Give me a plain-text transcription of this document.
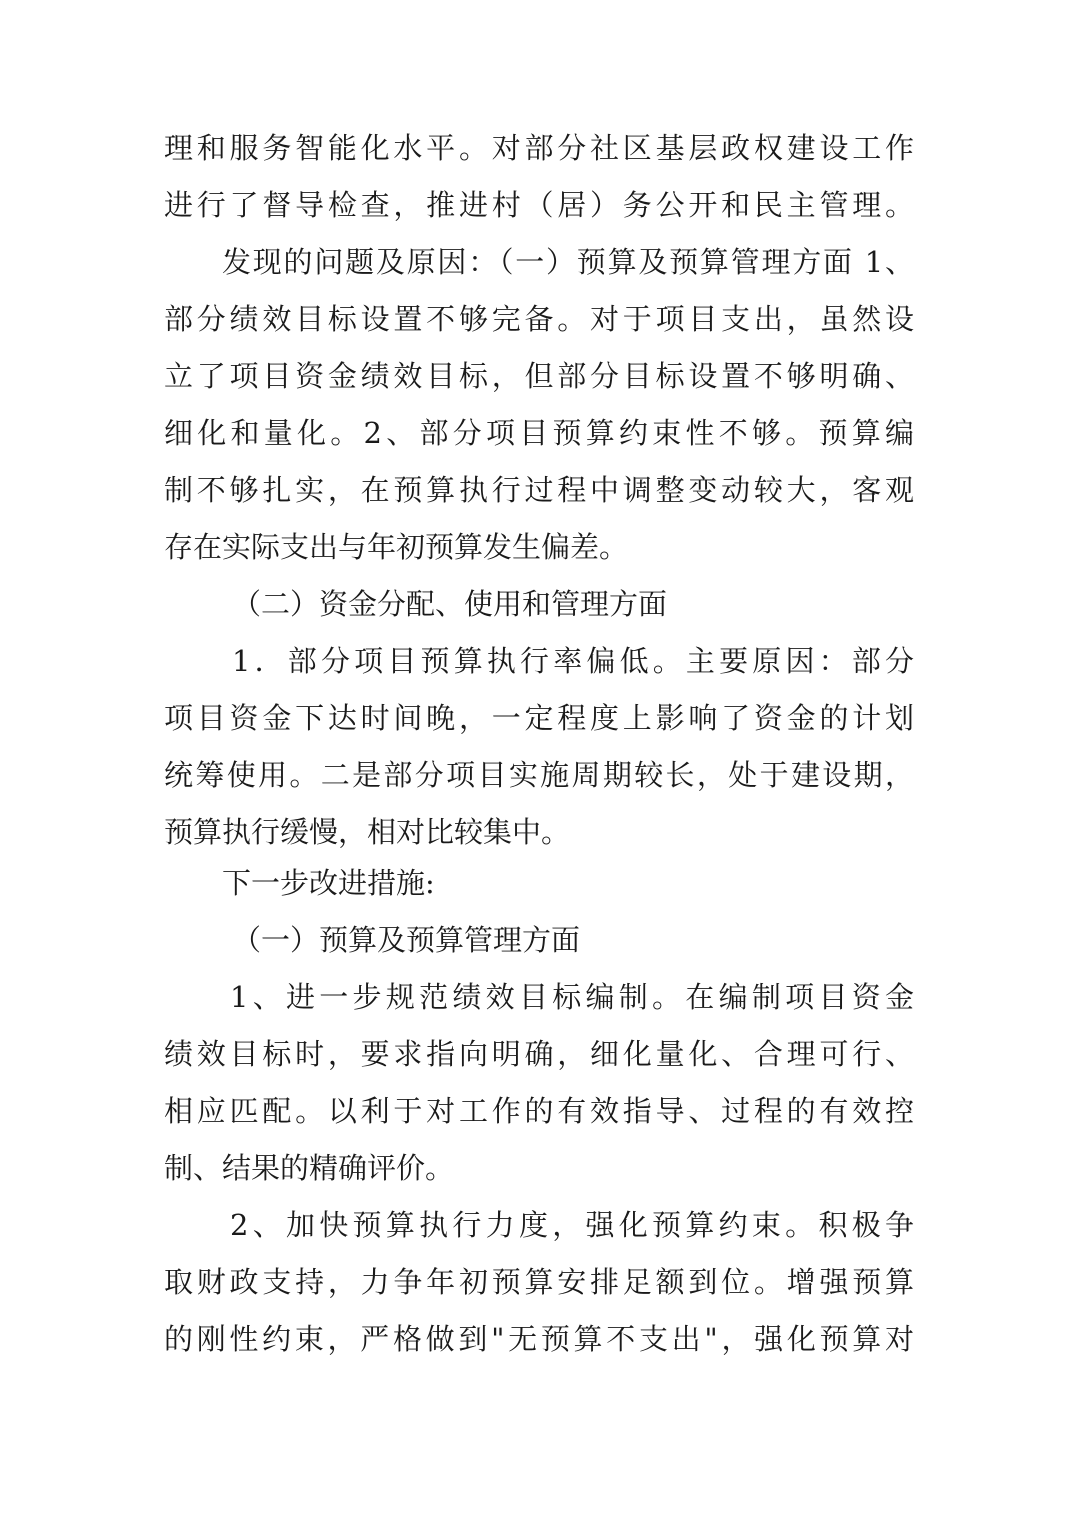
理和服务智能化水平。对部分社区基层政权建设工作
进行了督导检查，推进村（居）务公开和民主管理。
发现的问题及原因：（一）预算及预算管理方面 1、
部分绩效目标设置不够完备。对于项目支出，虽然设
立了项目资金绩效目标，但部分目标设置不够明确、
细化和量化。2、部分项目预算约束性不够。预算编
制不够扎实，在预算执行过程中调整变动较大，客观
存在实际支出与年初预算发生偏差。
（二）资金分配、使用和管理方面
1．部分项目预算执行率偏低。主要原因：部分
项目资金下达时间晚，一定程度上影响了资金的计划
统筹使用。二是部分项目实施周期较长，处于建设期，
预算执行缓慢，相对比较集中。
下一步改进措施:
（一）预算及预算管理方面
1、进一步规范绩效目标编制。在编制项目资金
绩效目标时，要求指向明确，细化量化、合理可行、
相应匹配。以利于对工作的有效指导、过程的有效控
制、结果的精确评价。
2、加快预算执行力度，强化预算约束。积极争
取财政支持，力争年初预算安排足额到位。增强预算
的刚性约束，严格做到"无预算不支出"，强化预算对
